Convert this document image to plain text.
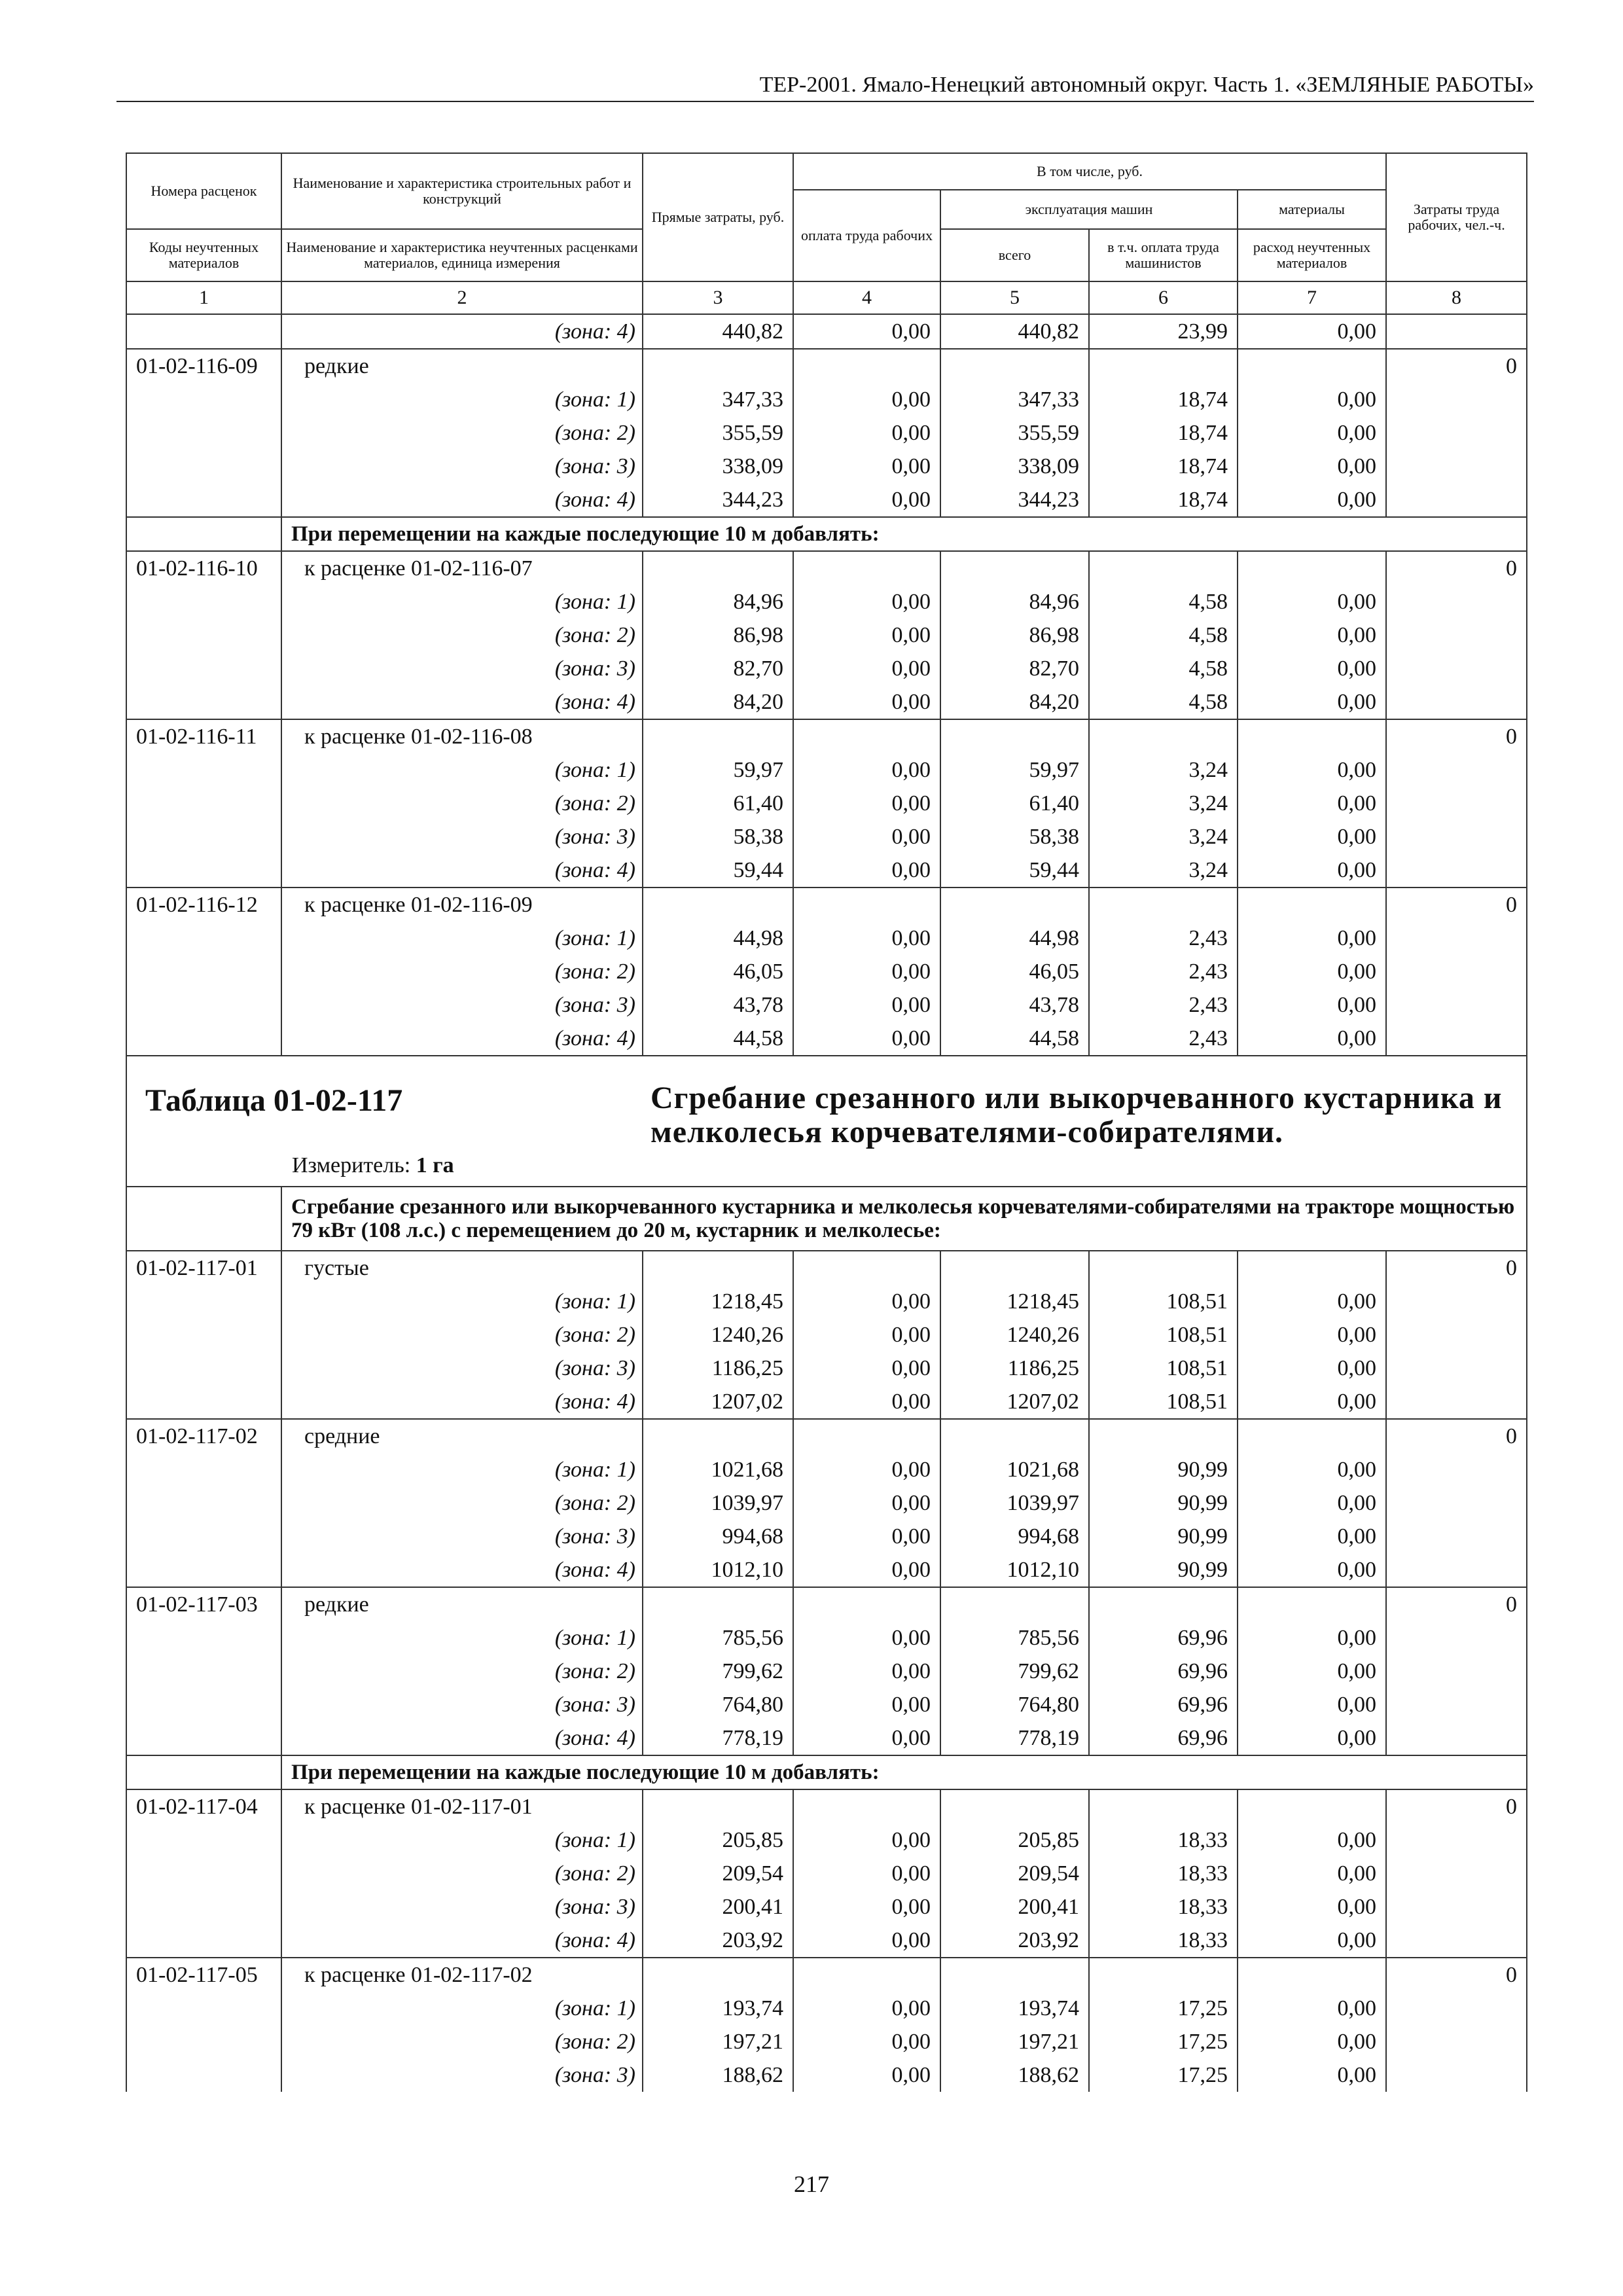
ТЕР-2001. Ямало-Ненецкий автономный округ. Часть 1. «ЗЕМЛЯНЫЕ РАБОТЫ»
Номера расценок	Наименование и характеристика строительных работ и конструкций	Прямые затраты, руб.	В том числе, руб.				Затраты труда рабочих, чел.-ч.
			оплата труда рабочих	эксплуатация машин		материалы	
Коды неучтенных материалов	Наименование и характеристика неучтенных расценками материалов, единица измерения			всего	в т.ч. оплата труда машинистов	расход неучтенных материалов	
1	2	3	4	5	6	7	8
	(зона: 4)	440,82	0,00	440,82	23,99	0,00	
01-02-116-09	редкие						0
	(зона: 1)	347,33	0,00	347,33	18,74	0,00	
	(зона: 2)	355,59	0,00	355,59	18,74	0,00	
	(зона: 3)	338,09	0,00	338,09	18,74	0,00	
	(зона: 4)	344,23	0,00	344,23	18,74	0,00	
	При перемещении на каждые последующие 10 м добавлять:						
01-02-116-10	к расценке 01-02-116-07						0
	(зона: 1)	84,96	0,00	84,96	4,58	0,00	
	(зона: 2)	86,98	0,00	86,98	4,58	0,00	
	(зона: 3)	82,70	0,00	82,70	4,58	0,00	
	(зона: 4)	84,20	0,00	84,20	4,58	0,00	
01-02-116-11	к расценке 01-02-116-08						0
	(зона: 1)	59,97	0,00	59,97	3,24	0,00	
	(зона: 2)	61,40	0,00	61,40	3,24	0,00	
	(зона: 3)	58,38	0,00	58,38	3,24	0,00	
	(зона: 4)	59,44	0,00	59,44	3,24	0,00	
01-02-116-12	к расценке 01-02-116-09						0
	(зона: 1)	44,98	0,00	44,98	2,43	0,00	
	(зона: 2)	46,05	0,00	46,05	2,43	0,00	
	(зона: 3)	43,78	0,00	43,78	2,43	0,00	
	(зона: 4)	44,58	0,00	44,58	2,43	0,00	

Таблица 01-02-117 Сгребание срезанного или выкорчеванного кустарника и мелколесья корчевателями-собирателями.
Измеритель: 1 га							

	Сгребание срезанного или выкорчеванного кустарника и мелколесья корчевателями-собирателями на тракторе мощностью 79 кВт (108 л.с.) с перемещением до 20 м, кустарник и мелколесье:						
01-02-117-01	густые						0
	(зона: 1)	1218,45	0,00	1218,45	108,51	0,00	
	(зона: 2)	1240,26	0,00	1240,26	108,51	0,00	
	(зона: 3)	1186,25	0,00	1186,25	108,51	0,00	
	(зона: 4)	1207,02	0,00	1207,02	108,51	0,00	
01-02-117-02	средние						0
	(зона: 1)	1021,68	0,00	1021,68	90,99	0,00	
	(зона: 2)	1039,97	0,00	1039,97	90,99	0,00	
	(зона: 3)	994,68	0,00	994,68	90,99	0,00	
	(зона: 4)	1012,10	0,00	1012,10	90,99	0,00	
01-02-117-03	редкие						0
	(зона: 1)	785,56	0,00	785,56	69,96	0,00	
	(зона: 2)	799,62	0,00	799,62	69,96	0,00	
	(зона: 3)	764,80	0,00	764,80	69,96	0,00	
	(зона: 4)	778,19	0,00	778,19	69,96	0,00	
	При перемещении на каждые последующие 10 м добавлять:						
01-02-117-04	к расценке 01-02-117-01						0
	(зона: 1)	205,85	0,00	205,85	18,33	0,00	
	(зона: 2)	209,54	0,00	209,54	18,33	0,00	
	(зона: 3)	200,41	0,00	200,41	18,33	0,00	
	(зона: 4)	203,92	0,00	203,92	18,33	0,00	
01-02-117-05	к расценке 01-02-117-02						0
	(зона: 1)	193,74	0,00	193,74	17,25	0,00	
	(зона: 2)	197,21	0,00	197,21	17,25	0,00	
	(зона: 3)	188,62	0,00	188,62	17,25	0,00	
217
